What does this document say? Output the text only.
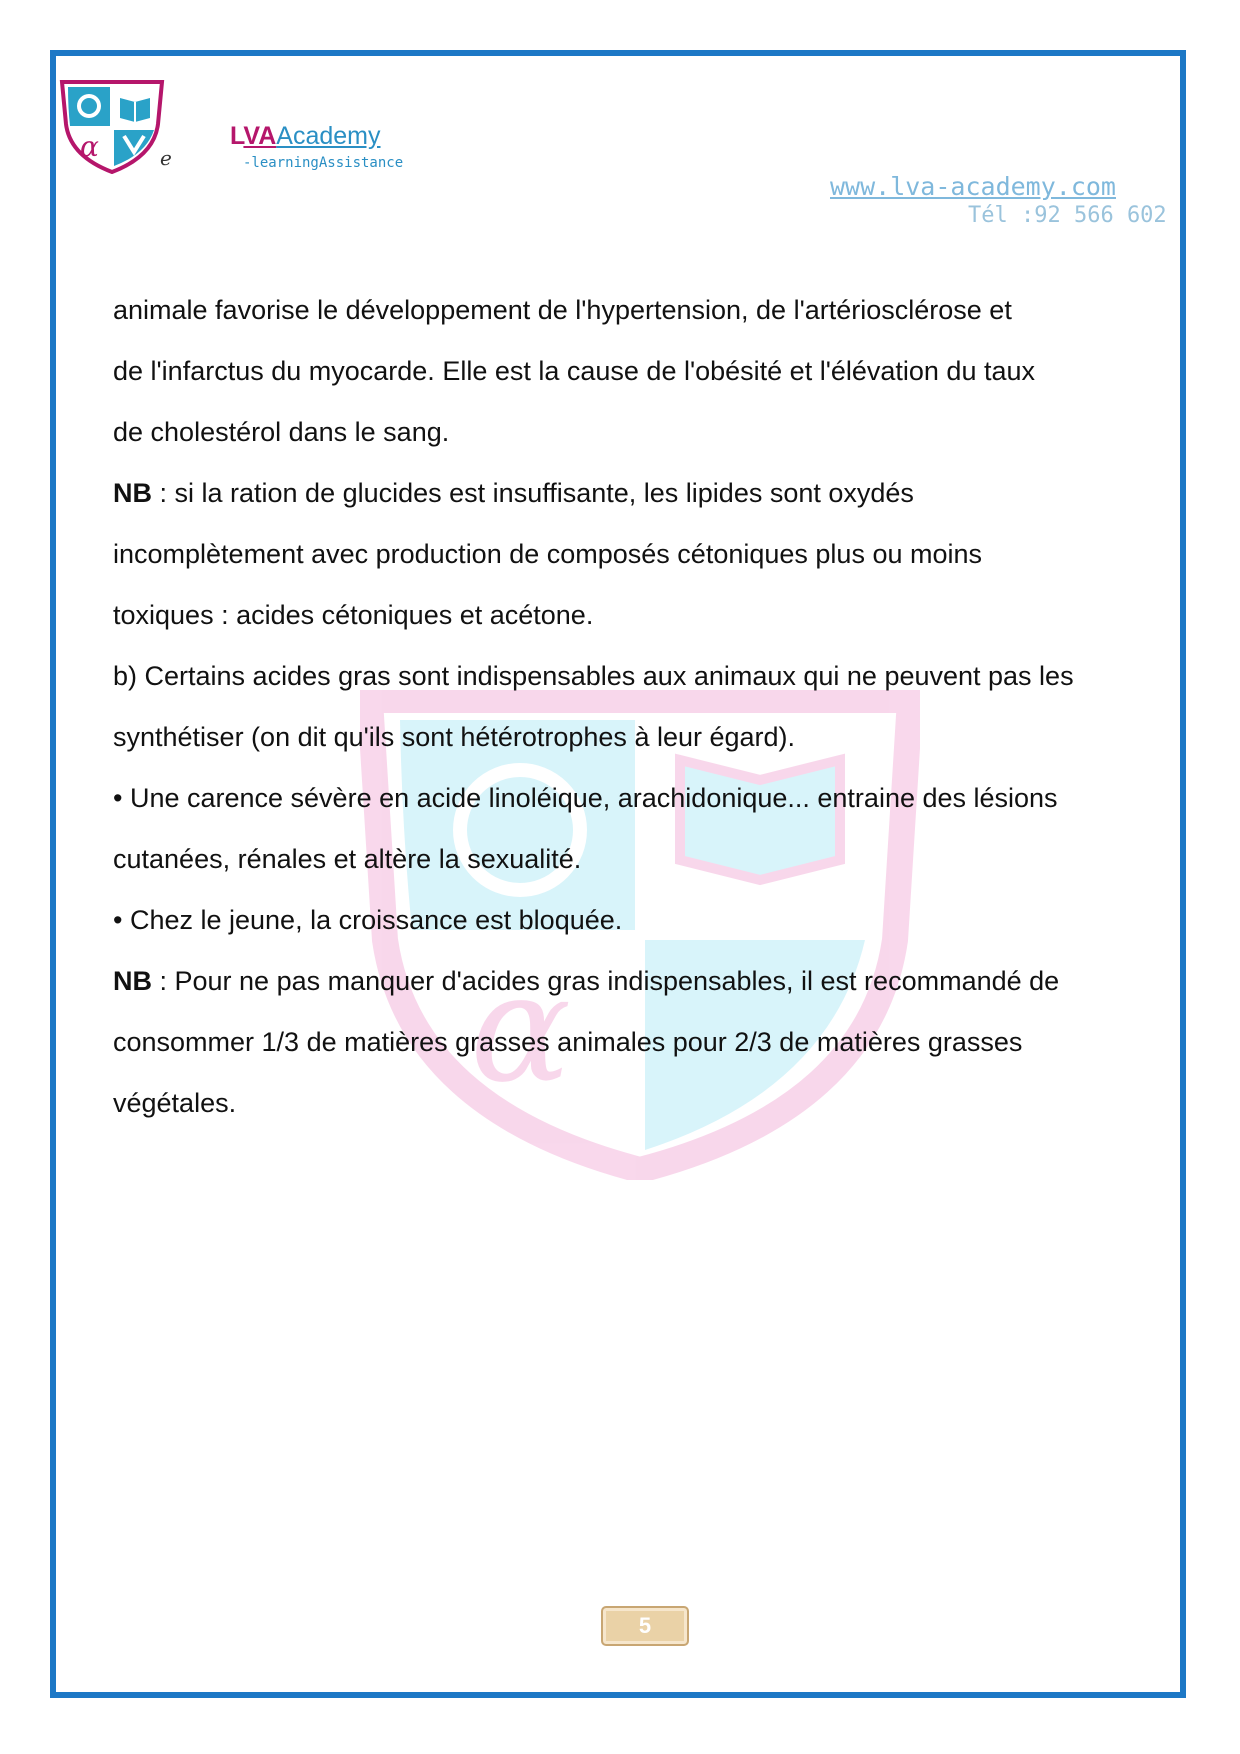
α	e
LVAAcademy
-learningAssistance
www.lva-academy.com
Tél :92 566 602
α

animale favorise le développement de l'hypertension, de l'artériosclérose et

de l'infarctus du myocarde. Elle est la cause de l'obésité et l'élévation du taux

de cholestérol dans le sang.

NB : si la ration de glucides est insuffisante, les lipides sont oxydés

incomplètement avec production de composés cétoniques plus ou moins

toxiques : acides cétoniques et acétone.

b) Certains acides gras sont indispensables aux animaux qui ne peuvent pas les

synthétiser (on dit qu'ils sont hétérotrophes à leur égard).

• Une carence sévère en acide linoléique, arachidonique... entraine des lésions

cutanées, rénales et altère la sexualité.

• Chez le jeune, la croissance est bloquée.

NB : Pour ne pas manquer d'acides gras indispensables, il est recommandé de

consommer 1/3 de matières grasses animales pour 2/3 de matières grasses

végétales.

5
